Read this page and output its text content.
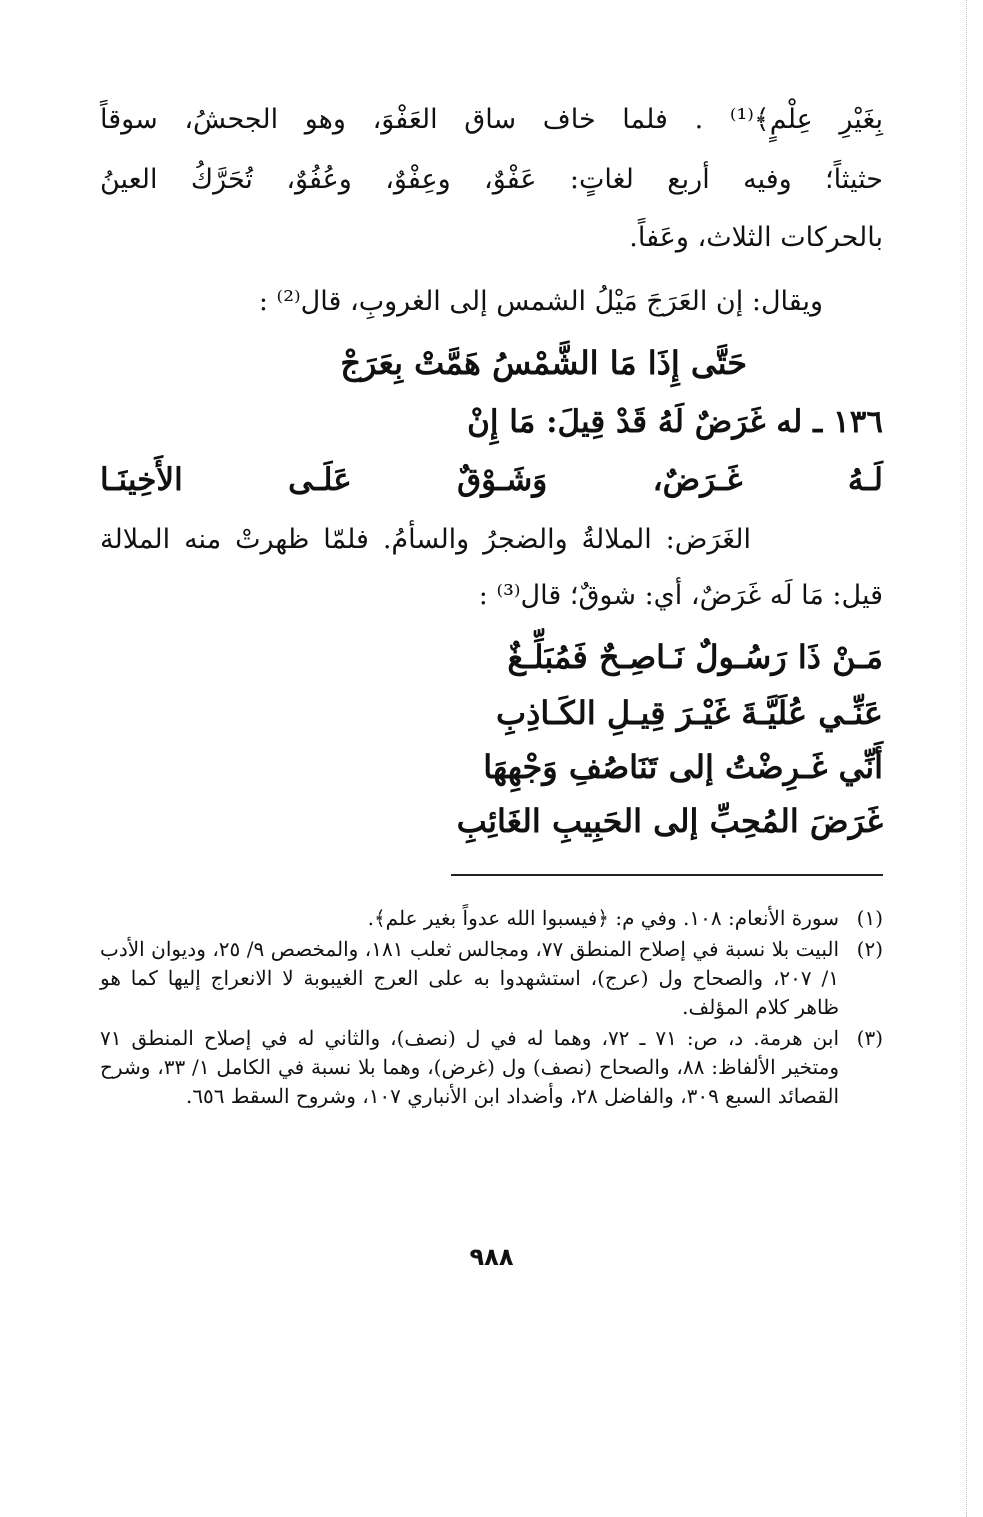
بِغَيْرِ عِلْمٍ﴾⁽¹⁾ . فلما خاف ساق العَفْوَ، وهو الجحشُ، سوقاً
حثيثاً؛ وفيه أربع لغاتٍ: عَفْوٌ، وعِفْوٌ، وعُفُوٌ، تُحَرَّكُ العينُ
بالحركات الثلاث، وعَفاً.
ويقال: إن العَرَجَ مَيْلُ الشمس إلى الغروبِ، قال⁽²⁾ :
حَتَّى إِذَا مَا الشَّمْسُ هَمَّتْ بِعَرَجْ
١٣٦ ـ له غَرَضٌ لَهُ قَدْ قِيلَ: مَا إِنْ
لَـهُ غَـرَضٌ، وَشَـوْقٌ عَلَـى الأَخِينَـا
الغَرَض: الملالةُ والضجرُ والسأمُ. فلمّا ظهرتْ منه الملالة
قيل: مَا لَه غَرَضٌ، أي: شوقٌ؛ قال⁽³⁾ :
مَـنْ ذَا رَسُـولٌ نَـاصِـحٌ فَمُبَلِّـغٌ
عَنِّـي عُلَيَّـةَ غَيْـرَ قِيـلِ الكَـاذِبِ
أَنِّي غَـرِضْتُ إلى تَنَاصُفِ وَجْهِهَا
غَرَضَ المُحِبِّ إلى الحَبِيبِ الغَائِبِ
(١)
سورة الأنعام: ١٠٨. وفي م: ﴿فيسبوا الله عدواً بغير علم﴾.
(٢)
البيت بلا نسبة في إصلاح المنطق ٧٧، ومجالس ثعلب ١٨١، والمخصص ٩/ ٢٥، وديوان الأدب ١/ ٢٠٧، والصحاح ول (عرج)، استشهدوا به على العرج الغيبوبة لا الانعراج إليها كما هو ظاهر كلام المؤلف.
(٣)
ابن هرمة. د، ص: ٧١ ـ ٧٢، وهما له في ل (نصف)، والثاني له في إصلاح المنطق ٧١ ومتخير الألفاظ: ٨٨، والصحاح (نصف) ول (غرض)، وهما بلا نسبة في الكامل ١/ ٣٣، وشرح القصائد السبع ٣٠٩، والفاضل ٢٨، وأضداد ابن الأنباري ١٠٧، وشروح السقط ٦٥٦.
٩٨٨
